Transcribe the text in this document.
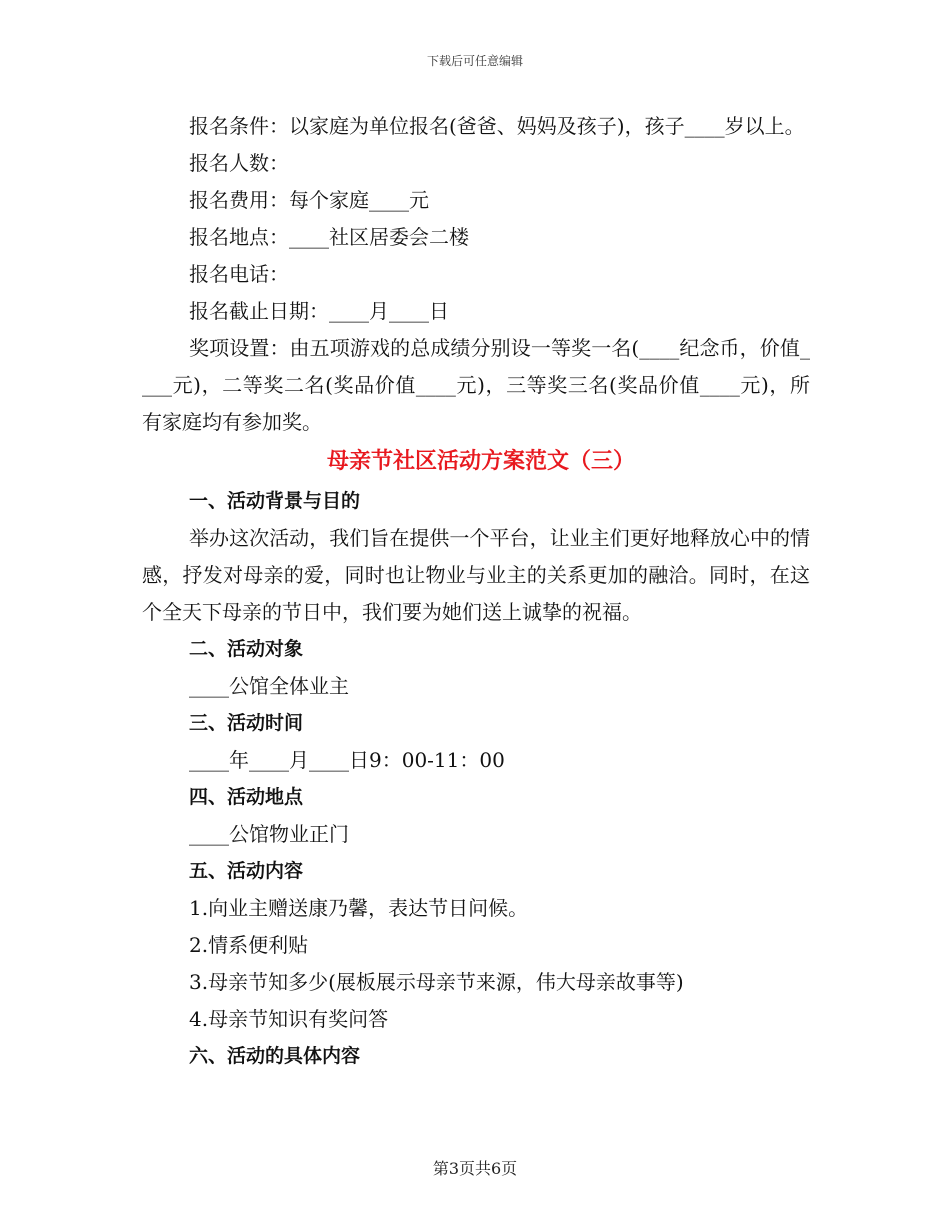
下载后可任意编辑

报名条件：以家庭为单位报名(爸爸、妈妈及孩子)，孩子____岁以上。

报名人数：

报名费用：每个家庭____元

报名地点：____社区居委会二楼

报名电话：

报名截止日期：____月____日

奖项设置：由五项游戏的总成绩分别设一等奖一名(____纪念币，价值____元)，二等奖二名(奖品价值____元)，三等奖三名(奖品价值____元)，所有家庭均有参加奖。

母亲节社区活动方案范文（三）

一、活动背景与目的

举办这次活动，我们旨在提供一个平台，让业主们更好地释放心中的情感，抒发对母亲的爱，同时也让物业与业主的关系更加的融洽。同时，在这个全天下母亲的节日中，我们要为她们送上诚挚的祝福。

二、活动对象

____公馆全体业主

三、活动时间

____年____月____日9：00-11：00

四、活动地点

____公馆物业正门

五、活动内容

1.向业主赠送康乃馨，表达节日问候。

2.情系便利贴

3.母亲节知多少(展板展示母亲节来源，伟大母亲故事等)

4.母亲节知识有奖问答

六、活动的具体内容

第3页共6页
